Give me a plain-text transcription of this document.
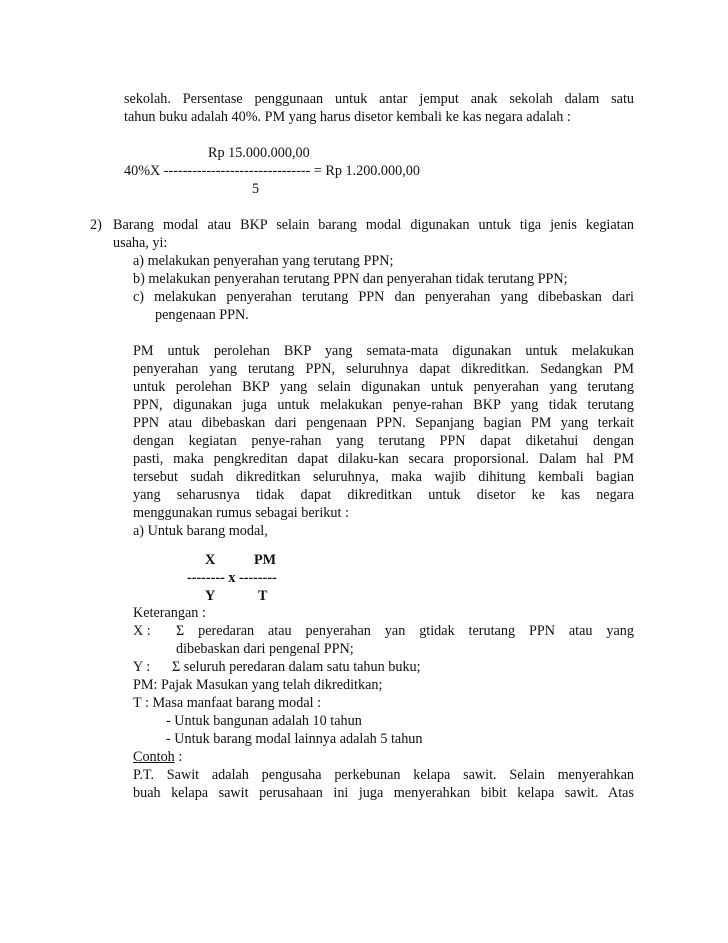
sekolah. Persentase penggunaan untuk antar jemput anak sekolah dalam satu
tahun buku adalah 40%. PM yang harus disetor kembali ke kas negara adalah :
Rp 15.000.000,00
40%X ------------------------------- = Rp 1.200.000,00
5
2) Barang modal atau BKP selain barang modal digunakan untuk tiga jenis kegiatan
usaha, yi:
a) melakukan penyerahan yang terutang PPN;
b) melakukan penyerahan terutang PPN dan penyerahan tidak terutang PPN;
c) melakukan penyerahan terutang PPN dan penyerahan yang dibebaskan dari
pengenaan PPN.
PM untuk perolehan BKP yang semata-mata digunakan untuk melakukan
penyerahan yang terutang PPN, seluruhnya dapat dikreditkan. Sedangkan PM
untuk perolehan BKP yang selain digunakan untuk penyerahan yang terutang
PPN, digunakan juga untuk melakukan penye-rahan BKP yang tidak terutang
PPN atau dibebaskan dari pengenaan PPN. Sepanjang bagian PM yang terkait
dengan kegiatan penye-rahan yang terutang PPN dapat diketahui dengan
pasti, maka pengkreditan dapat dilaku-kan secara proporsional. Dalam hal PM
tersebut sudah dikreditkan seluruhnya, maka wajib dihitung kembali bagian
yang seharusnya tidak dapat dikreditkan untuk disetor ke kas negara
menggunakan rumus sebagai berikut :
a) Untuk barang modal,
X	PM
-------- x --------
Y	T
Keterangan :
X : Σ peredaran atau penyerahan yan gtidak terutang PPN atau yang
dibebaskan dari pengenal PPN;
Y : Σ seluruh peredaran dalam satu tahun buku;
PM: Pajak Masukan yang telah dikreditkan;
T : Masa manfaat barang modal :
- Untuk bangunan adalah 10 tahun
- Untuk barang modal lainnya adalah 5 tahun
Contoh :
P.T. Sawit adalah pengusaha perkebunan kelapa sawit. Selain menyerahkan
buah kelapa sawit perusahaan ini juga menyerahkan bibit kelapa sawit. Atas
